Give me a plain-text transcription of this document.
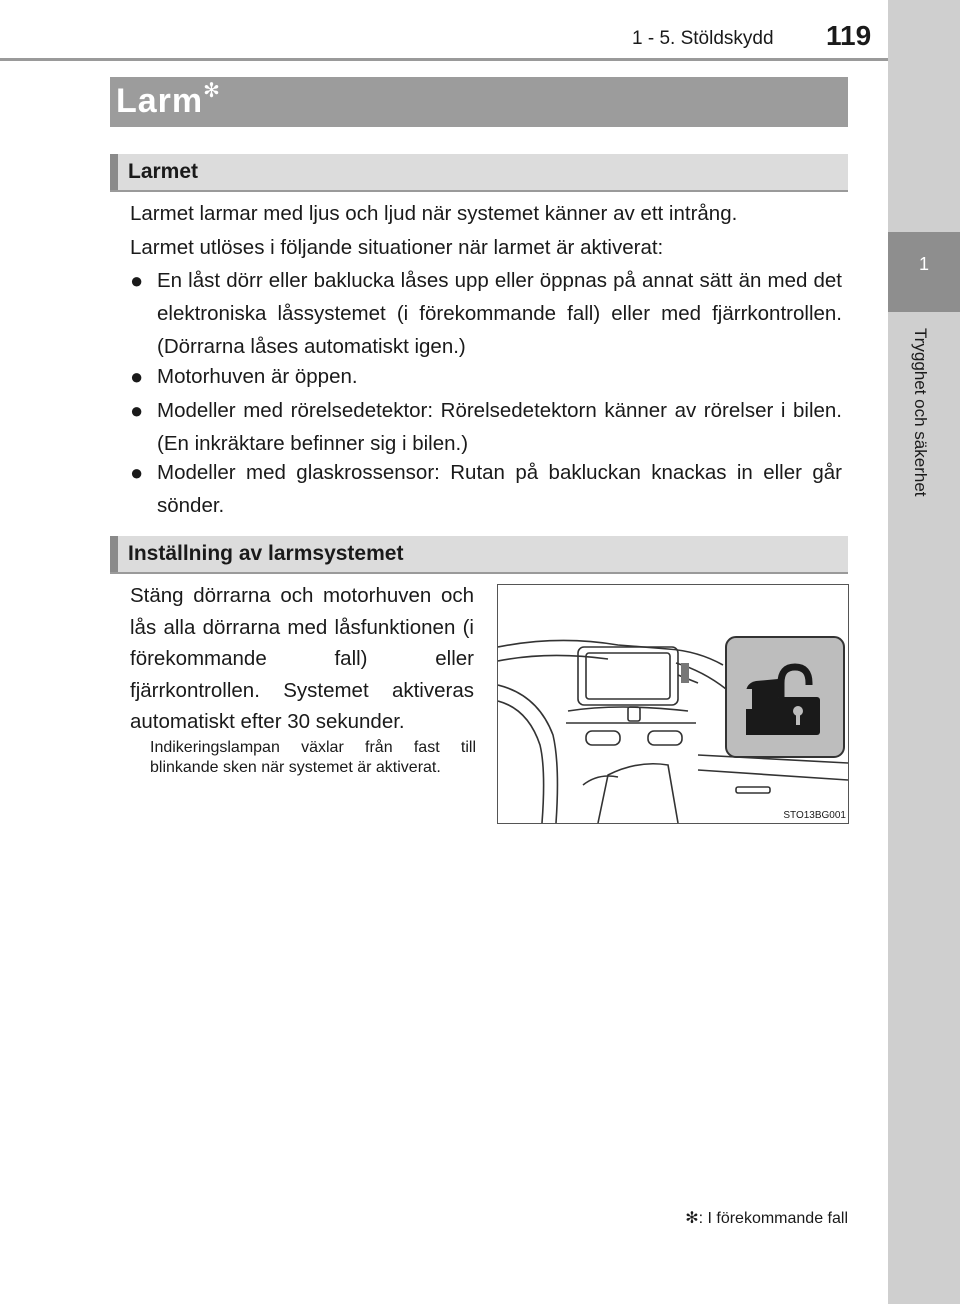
1 - 5. Stöldskydd 119
1
Trygghet och säkerhet
Larm✻
Larmet
Larmet larmar med ljus och ljud när systemet känner av ett intrång.
Larmet utlöses i följande situationer när larmet är aktiverat:
● En låst dörr eller baklucka låses upp eller öppnas på annat sätt än med det elektroniska låssystemet (i förekommande fall) eller med fjärrkontrollen. (Dörrarna låses automatiskt igen.)
● Motorhuven är öppen.
● Modeller med rörelsedetektor: Rörelsedetektorn känner av rörelser i bilen. (En inkräktare befinner sig i bilen.)
● Modeller med glaskrossensor: Rutan på bakluckan knackas in eller går sönder.
Inställning av larmsystemet
Stäng dörrarna och motorhuven och lås alla dörrarna med låsfunktionen (i förekommande fall) eller fjärrkontrollen. Systemet aktiveras automatiskt efter 30 sekunder.
Indikeringslampan växlar från fast till blinkande sken när systemet är aktiverat.
STO13BG001
✻: I förekommande fall
